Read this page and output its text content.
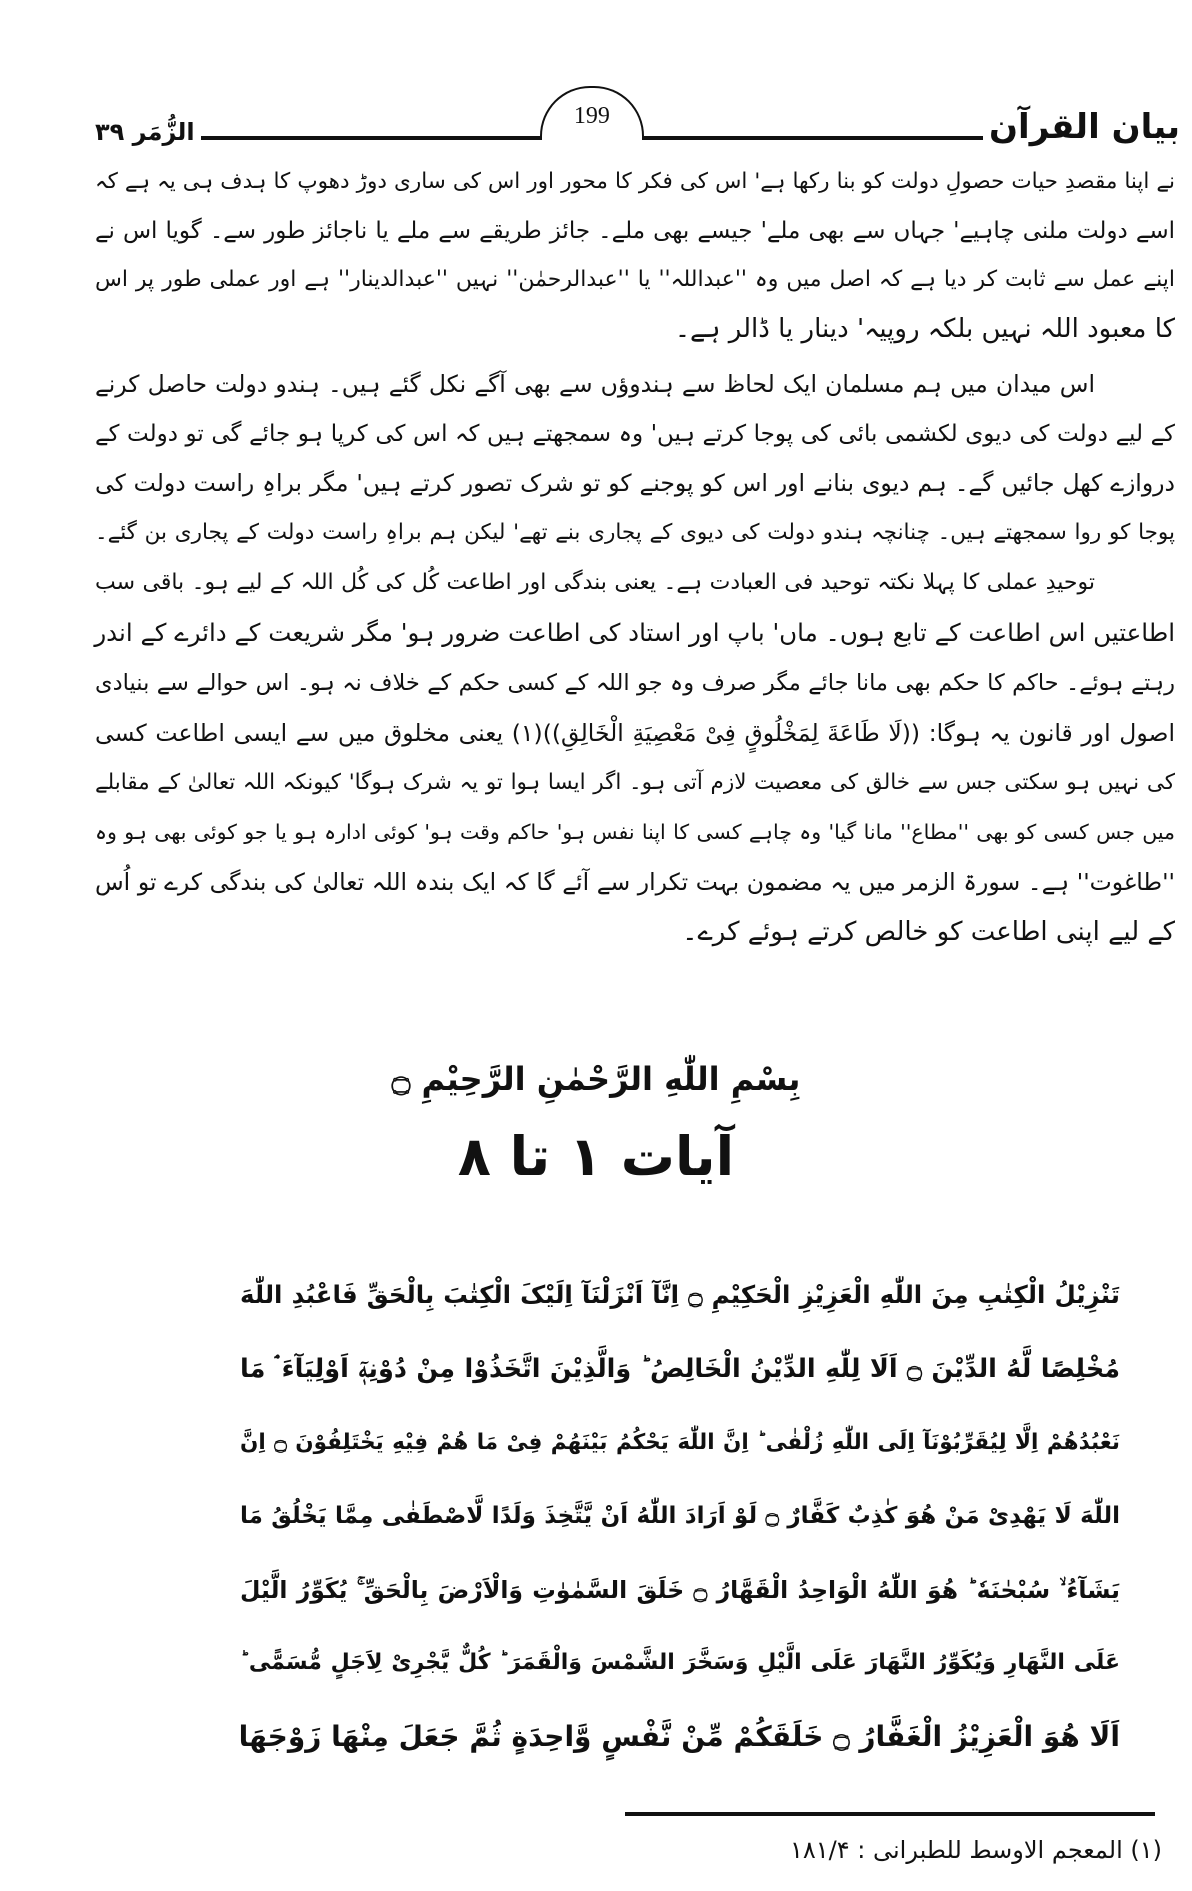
بیان القرآن
199
الزُّمَر ۳۹
نے اپنا مقصدِ حیات حصولِ دولت کو بنا رکھا ہے' اس کی فکر کا محور اور اس کی ساری دوڑ دھوپ کا ہدف ہی یہ ہے کہ
اسے دولت ملنی چاہیے' جہاں سے بھی ملے' جیسے بھی ملے۔ جائز طریقے سے ملے یا ناجائز طور سے۔ گویا اس نے
اپنے عمل سے ثابت کر دیا ہے کہ اصل میں وہ ''عبداللہ'' یا ''عبدالرحمٰن'' نہیں ''عبدالدینار'' ہے اور عملی طور پر اس
کا معبود اللہ نہیں بلکہ روپیہ' دینار یا ڈالر ہے۔
اس میدان میں ہم مسلمان ایک لحاظ سے ہندوؤں سے بھی آگے نکل گئے ہیں۔ ہندو دولت حاصل کرنے
کے لیے دولت کی دیوی لکشمی بائی کی پوجا کرتے ہیں' وہ سمجھتے ہیں کہ اس کی کرپا ہو جائے گی تو دولت کے
دروازے کھل جائیں گے۔ ہم دیوی بنانے اور اس کو پوجنے کو تو شرک تصور کرتے ہیں' مگر براہِ راست دولت کی
پوجا کو روا سمجھتے ہیں۔ چنانچہ ہندو دولت کی دیوی کے پجاری بنے تھے' لیکن ہم براہِ راست دولت کے پجاری بن گئے۔
توحیدِ عملی کا پہلا نکتہ توحید فی العبادت ہے۔ یعنی بندگی اور اطاعت کُل کی کُل اللہ کے لیے ہو۔ باقی سب
اطاعتیں اس اطاعت کے تابع ہوں۔ ماں' باپ اور استاد کی اطاعت ضرور ہو' مگر شریعت کے دائرے کے اندر
رہتے ہوئے۔ حاکم کا حکم بھی مانا جائے مگر صرف وہ جو اللہ کے کسی حکم کے خلاف نہ ہو۔ اس حوالے سے بنیادی
اصول اور قانون یہ ہوگا: ((لَا طَاعَةَ لِمَخْلُوقٍ فِیْ مَعْصِیَةِ الْخَالِقِ))(۱) یعنی مخلوق میں سے ایسی اطاعت کسی
کی نہیں ہو سکتی جس سے خالق کی معصیت لازم آتی ہو۔ اگر ایسا ہوا تو یہ شرک ہوگا' کیونکہ اللہ تعالیٰ کے مقابلے
میں جس کسی کو بھی ''مطاع'' مانا گیا' وہ چاہے کسی کا اپنا نفس ہو' حاکم وقت ہو' کوئی ادارہ ہو یا جو کوئی بھی ہو وہ
''طاغوت'' ہے۔ سورۃ الزمر میں یہ مضمون بہت تکرار سے آئے گا کہ ایک بندہ اللہ تعالیٰ کی بندگی کرے تو اُس
کے لیے اپنی اطاعت کو خالص کرتے ہوئے کرے۔
بِسْمِ اللّٰهِ الرَّحْمٰنِ الرَّحِیْمِ ۝
آیات ۱ تا ۸
تَنْزِیْلُ الْکِتٰبِ مِنَ اللّٰهِ الْعَزِیْزِ الْحَکِیْمِ ۝ اِنَّآ اَنْزَلْنَآ اِلَیْکَ الْکِتٰبَ بِالْحَقِّ فَاعْبُدِ اللّٰهَ
مُخْلِصًا لَّهُ الدِّیْنَ ۝ اَلَا لِلّٰهِ الدِّیْنُ الْخَالِصُ ؕ وَالَّذِیْنَ اتَّخَذُوْا مِنْ دُوْنِهٖٓ اَوْلِیَآءَ ۘ مَا
نَعْبُدُهُمْ اِلَّا لِیُقَرِّبُوْنَآ اِلَی اللّٰهِ زُلْفٰی ؕ اِنَّ اللّٰهَ یَحْکُمُ بَیْنَهُمْ فِیْ مَا هُمْ فِیْهِ یَخْتَلِفُوْنَ ۝ اِنَّ
اللّٰهَ لَا یَهْدِیْ مَنْ هُوَ کٰذِبٌ کَفَّارٌ ۝ لَوْ اَرَادَ اللّٰهُ اَنْ یَّتَّخِذَ وَلَدًا لَّاصْطَفٰی مِمَّا یَخْلُقُ مَا
یَشَآءُ ۙ سُبْحٰنَهٗ ؕ هُوَ اللّٰهُ الْوَاحِدُ الْقَهَّارُ ۝ خَلَقَ السَّمٰوٰتِ وَالْاَرْضَ بِالْحَقِّ ۚ یُکَوِّرُ الَّیْلَ
عَلَی النَّهَارِ وَیُکَوِّرُ النَّهَارَ عَلَی الَّیْلِ وَسَخَّرَ الشَّمْسَ وَالْقَمَرَ ؕ کُلٌّ یَّجْرِیْ لِاَجَلٍ مُّسَمًّی ؕ
اَلَا هُوَ الْعَزِیْزُ الْغَفَّارُ ۝ خَلَقَکُمْ مِّنْ نَّفْسٍ وَّاحِدَةٍ ثُمَّ جَعَلَ مِنْهَا زَوْجَهَا
(۱) المعجم الاوسط للطبرانی : ۱۸۱/۴
